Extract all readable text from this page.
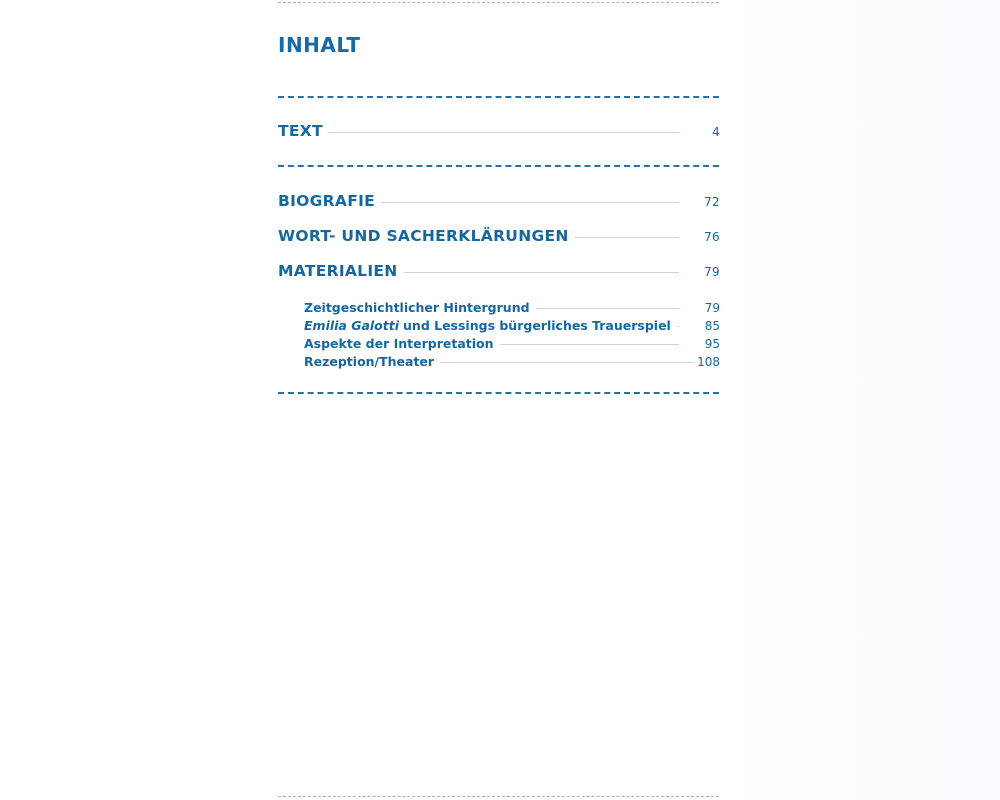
INHALT
TEXT	4
BIOGRAFIE	72
WORT- UND SACHERKLÄRUNGEN	76
MATERIALIEN	79
Zeitgeschichtlicher Hintergrund	79
Emilia Galotti und Lessings bürgerliches Trauerspiel	85
Aspekte der Interpretation	95
Rezeption/Theater	108
